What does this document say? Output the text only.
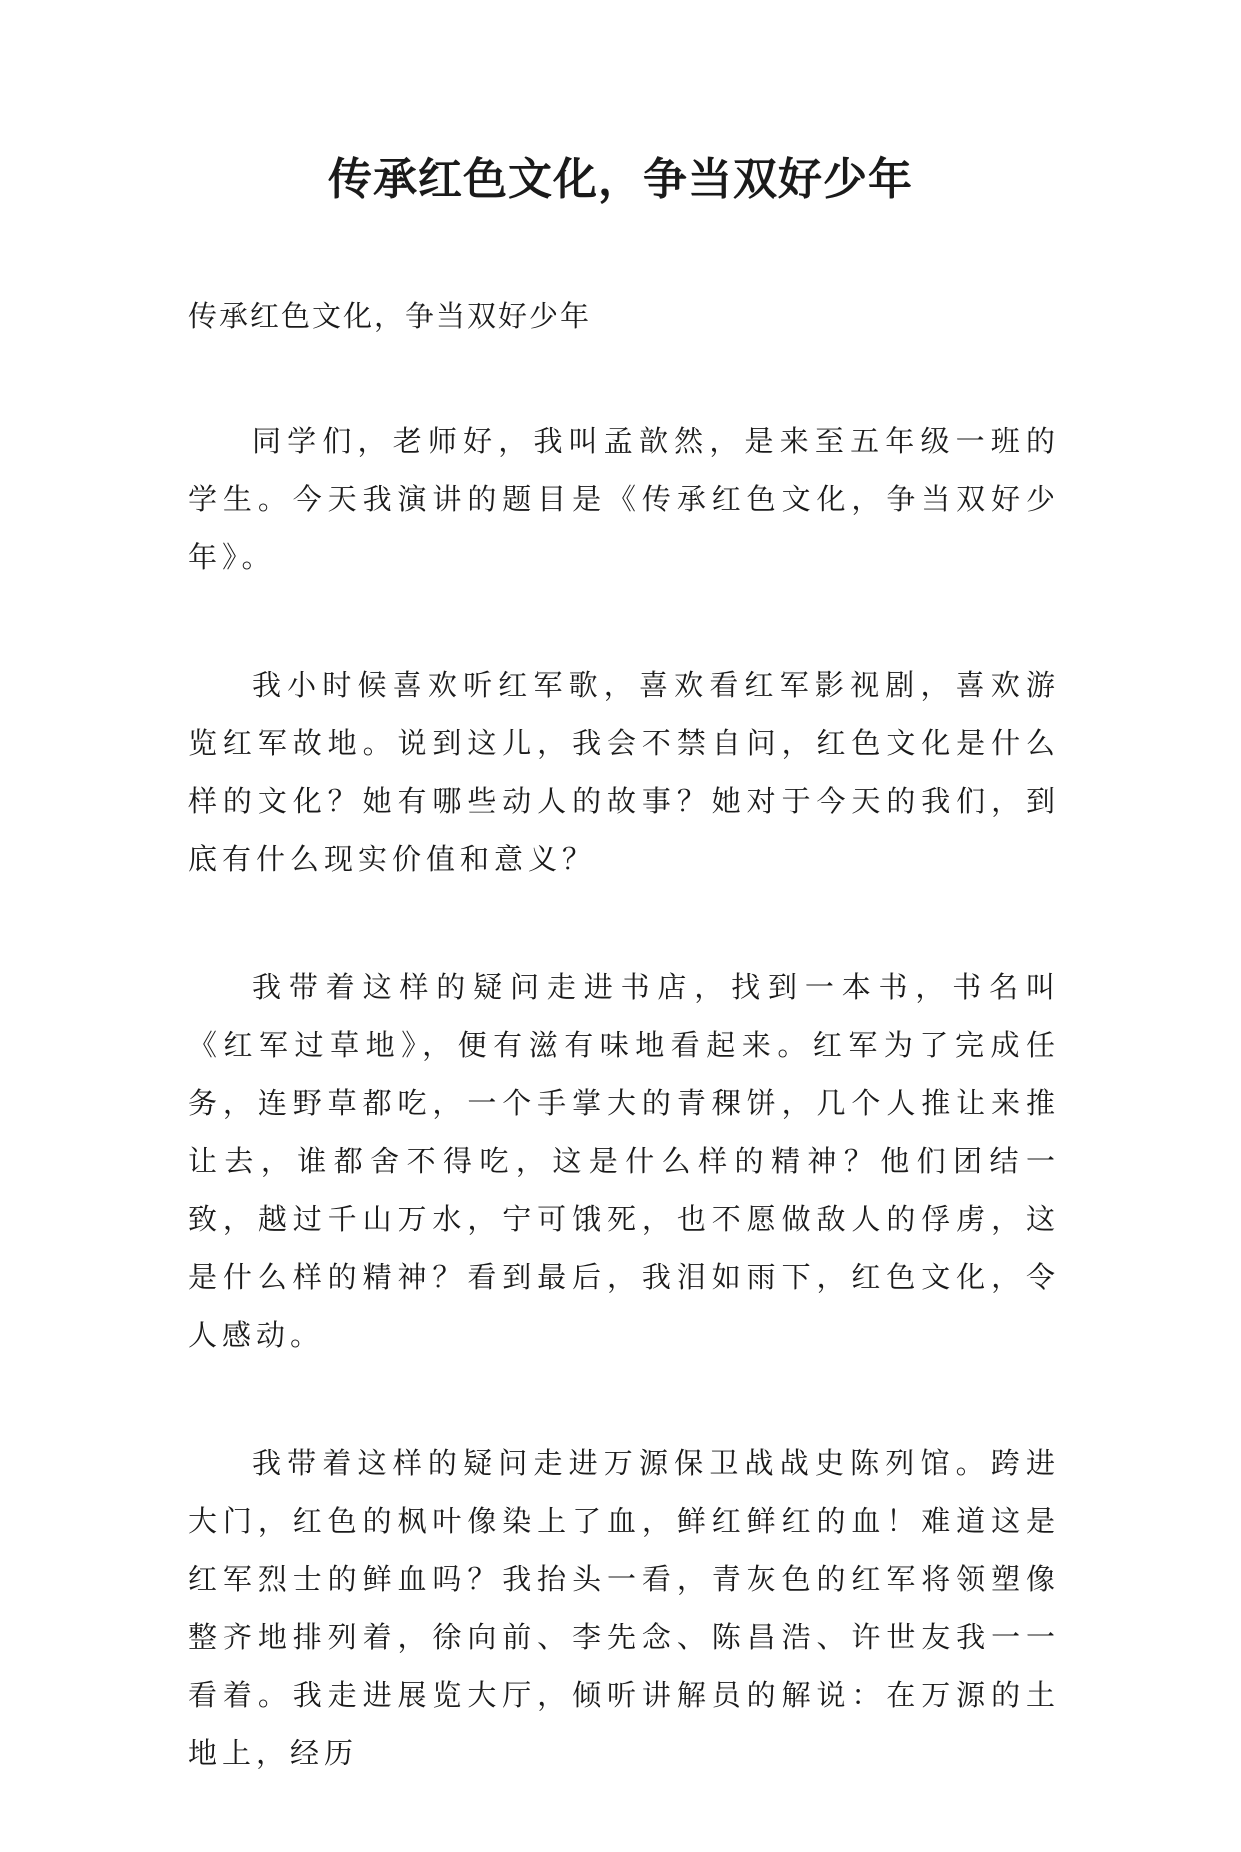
传承红色文化，争当双好少年

传承红色文化，争当双好少年

同学们，老师好，我叫孟歆然，是来至五年级一班的学生。今天我演讲的题目是《传承红色文化，争当双好少年》。

我小时候喜欢听红军歌，喜欢看红军影视剧，喜欢游览红军故地。说到这儿，我会不禁自问，红色文化是什么样的文化？她有哪些动人的故事？她对于今天的我们，到底有什么现实价值和意义？

我带着这样的疑问走进书店，找到一本书，书名叫《红军过草地》，便有滋有味地看起来。红军为了完成任务，连野草都吃，一个手掌大的青稞饼，几个人推让来推让去，谁都舍不得吃，这是什么样的精神？他们团结一致，越过千山万水，宁可饿死，也不愿做敌人的俘虏，这是什么样的精神？看到最后，我泪如雨下，红色文化，令人感动。

我带着这样的疑问走进万源保卫战战史陈列馆。跨进大门，红色的枫叶像染上了血，鲜红鲜红的血！难道这是红军烈士的鲜血吗？我抬头一看，青灰色的红军将领塑像整齐地排列着，徐向前、李先念、陈昌浩、许世友我一一看着。我走进展览大厅，倾听讲解员的解说：在万源的土地上，经历
